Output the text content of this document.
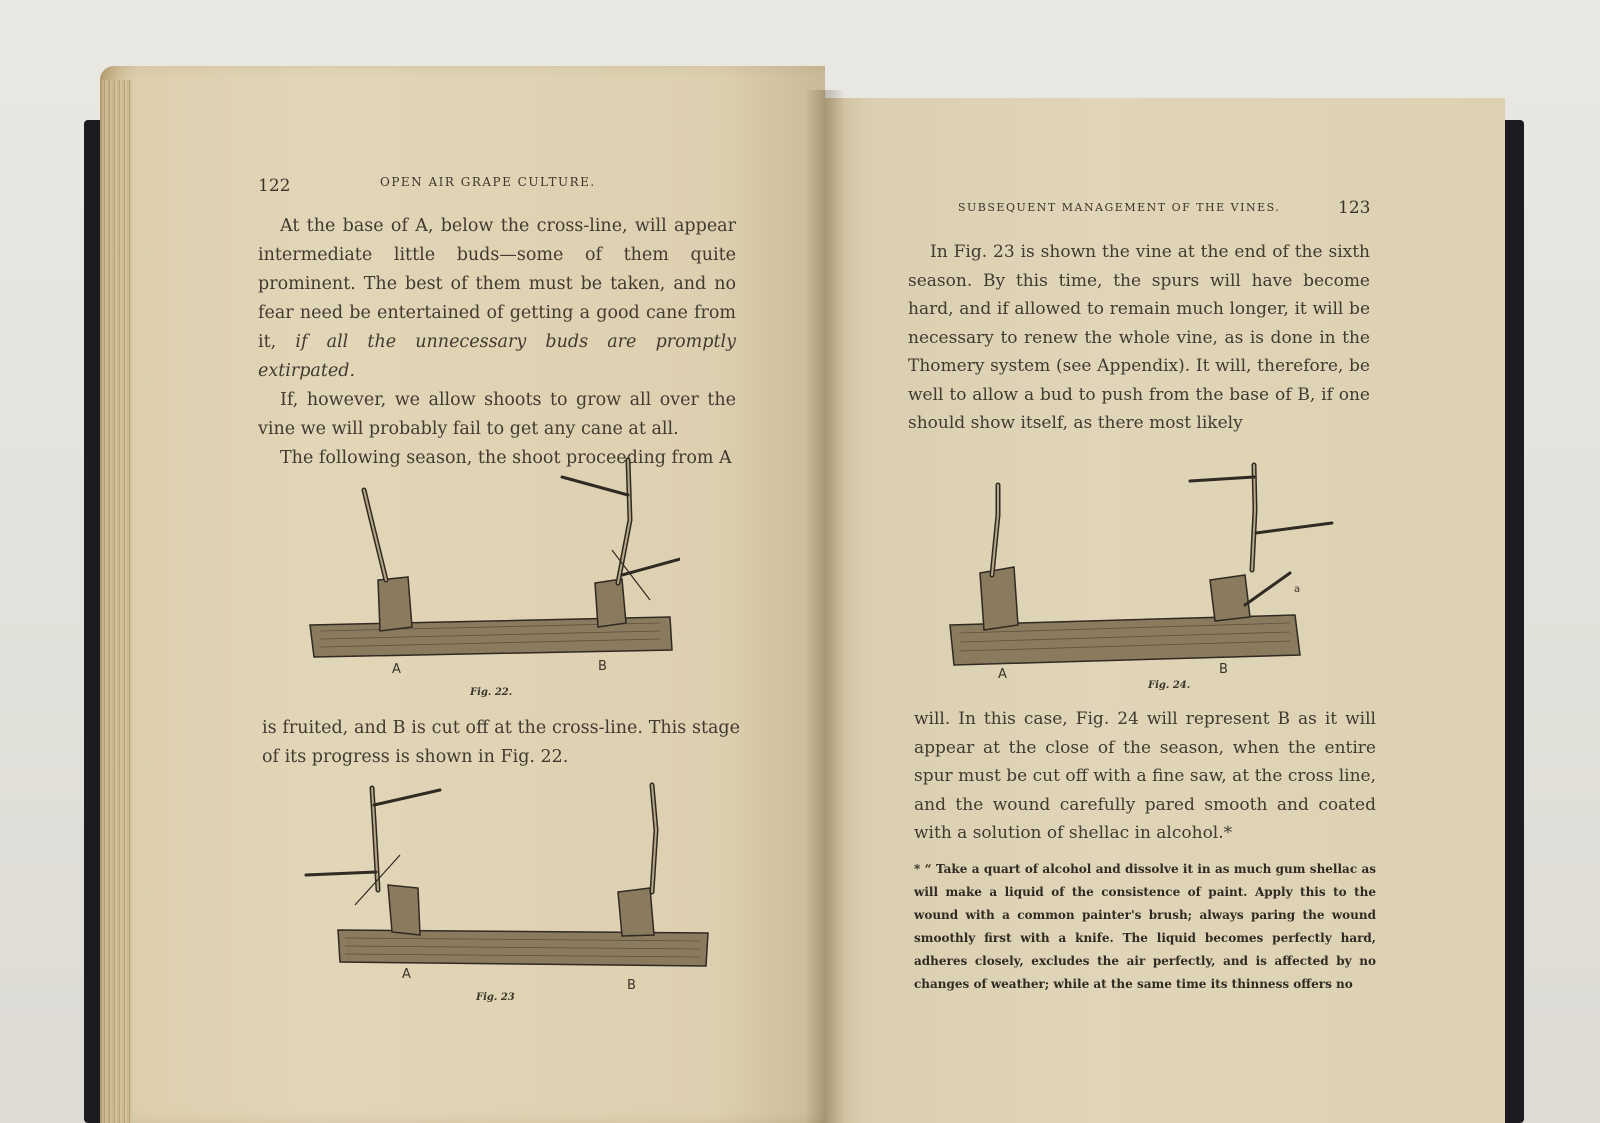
122	OPEN AIR GRAPE CULTURE.

At the base of A, below the cross-line, will appear intermediate little buds—some of them quite prominent. The best of them must be taken, and no fear need be entertained of getting a good cane from it, if all the unnecessary buds are promptly extirpated.

If, however, we allow shoots to grow all over the vine we will probably fail to get any cane at all.

The following season, the shoot proceeding from A

A	B
Fig. 22.

is fruited, and B is cut off at the cross-line. This stage of its progress is shown in Fig. 22.

A
B
Fig. 23
SUBSEQUENT MANAGEMENT OF THE VINES.	123

In Fig. 23 is shown the vine at the end of the sixth season. By this time, the spurs will have become hard, and if allowed to remain much longer, it will be necessary to renew the whole vine, as is done in the Thomery system (see Appendix). It will, therefore, be well to allow a bud to push from the base of B, if one should show itself, as there most likely

A	B
a
Fig. 24.

will. In this case, Fig. 24 will represent B as it will appear at the close of the season, when the entire spur must be cut off with a fine saw, at the cross line, and the wound carefully pared smooth and coated with a solution of shellac in alcohol.*

* “ Take a quart of alcohol and dissolve it in as much gum shellac as will make a liquid of the consistence of paint. Apply this to the wound with a common painter's brush; always paring the wound smoothly first with a knife. The liquid becomes perfectly hard, adheres closely, excludes the air perfectly, and is affected by no changes of weather; while at the same time its thinness offers no
